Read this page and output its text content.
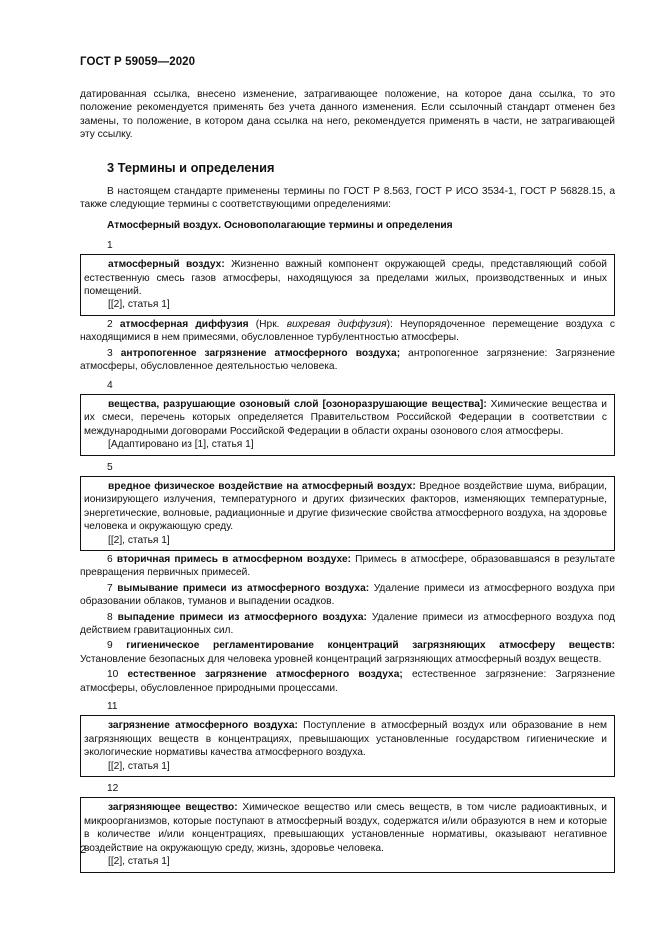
ГОСТ Р 59059—2020

датированная ссылка, внесено изменение, затрагивающее положение, на которое дана ссылка, то это положение рекомендуется применять без учета данного изменения. Если ссылочный стандарт отменен без замены, то положение, в котором дана ссылка на него, рекомендуется применять в части, не затрагивающей эту ссылку.

3 Термины и определения

В настоящем стандарте применены термины по ГОСТ Р 8.563, ГОСТ Р ИСО 3534-1, ГОСТ Р 56828.15, а также следующие термины с соответствующими определениями:

Атмосферный воздух. Основополагающие термины и определения
1

атмосферный воздух: Жизненно важный компонент окружающей среды, представляющий собой естественную смесь газов атмосферы, находящуюся за пределами жилых, производственных и иных помещений.

[[2], статья 1]

2 атмосферная диффузия (Нрк. вихревая диффузия): Неупорядоченное перемещение воздуха с находящимися в нем примесями, обусловленное турбулентностью атмосферы.

3 антропогенное загрязнение атмосферного воздуха; антропогенное загрязнение: Загрязнение атмосферы, обусловленное деятельностью человека.

4

вещества, разрушающие озоновый слой [озоноразрушающие вещества]: Химические вещества и их смеси, перечень которых определяется Правительством Российской Федерации в соответствии с международными договорами Российской Федерации в области охраны озонового слоя атмосферы.

[Адаптировано из [1], статья 1]

5

вредное физическое воздействие на атмосферный воздух: Вредное воздействие шума, вибрации, ионизирующего излучения, температурного и других физических факторов, изменяющих температурные, энергетические, волновые, радиационные и другие физические свойства атмосферного воздуха, на здоровье человека и окружающую среду.

[[2], статья 1]

6 вторичная примесь в атмосферном воздухе: Примесь в атмосфере, образовавшаяся в результате превращения первичных примесей.

7 вымывание примеси из атмосферного воздуха: Удаление примеси из атмосферного воздуха при образовании облаков, туманов и выпадении осадков.

8 выпадение примеси из атмосферного воздуха: Удаление примеси из атмосферного воздуха под действием гравитационных сил.

9 гигиеническое регламентирование концентраций загрязняющих атмосферу веществ: Установление безопасных для человека уровней концентраций загрязняющих атмосферный воздух веществ.

10 естественное загрязнение атмосферного воздуха; естественное загрязнение: Загрязнение атмосферы, обусловленное природными процессами.

11

загрязнение атмосферного воздуха: Поступление в атмосферный воздух или образование в нем загрязняющих веществ в концентрациях, превышающих установленные государством гигиенические и экологические нормативы качества атмосферного воздуха.

[[2], статья 1]

12

загрязняющее вещество: Химическое вещество или смесь веществ, в том числе радиоактивных, и микроорганизмов, которые поступают в атмосферный воздух, содержатся и/или образуются в нем и которые в количестве и/или концентрациях, превышающих установленные нормативы, оказывают негативное воздействие на окружающую среду, жизнь, здоровье человека.

[[2], статья 1]

2
